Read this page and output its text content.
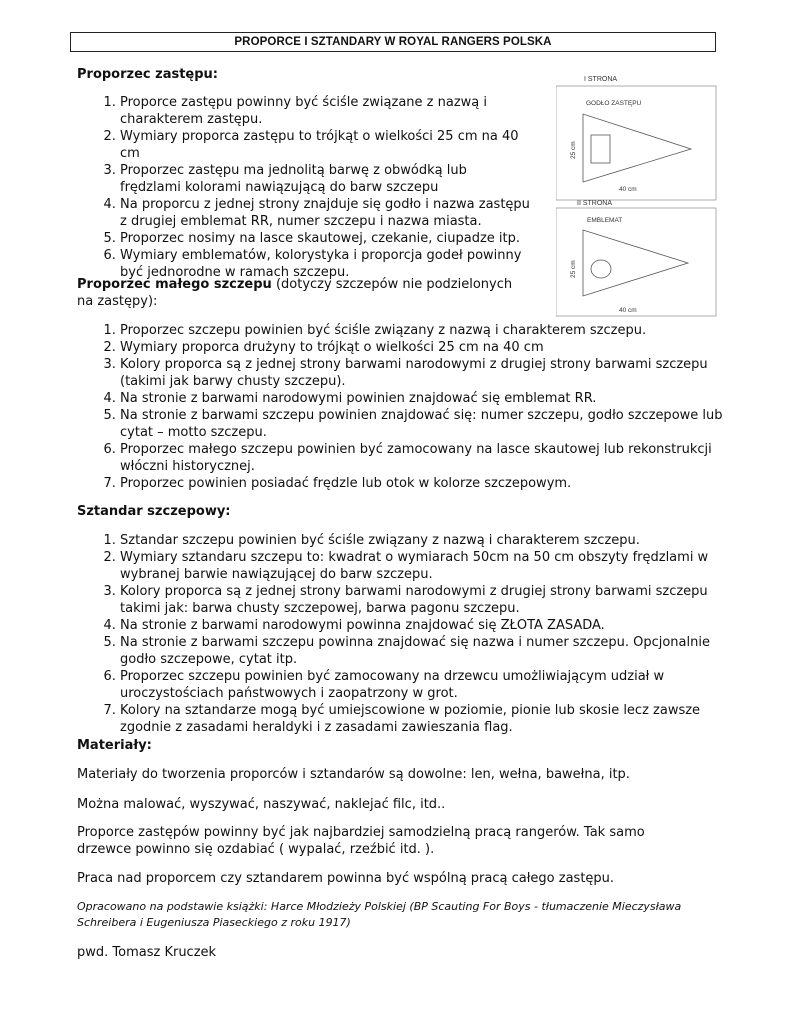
PROPORCE I SZTANDARY W ROYAL RANGERS POLSKA
I STRONA
GODŁO ZASTĘPU
25 cm
40 cm
II STRONA
EMBLEMAT
25 cm
40 cm
Proporzec zastępu:
1. Proporce zastępu powinny być ściśle związane z nazwą i charakterem zastępu.
2. Wymiary proporca zastępu to trójkąt o wielkości 25 cm na 40 cm
3. Proporzec zastępu ma jednolitą barwę z obwódką lub frędzlami kolorami nawiązującą do barw szczepu
4. Na proporcu z jednej strony znajduje się godło i nazwa zastępu z drugiej emblemat RR, numer szczepu i nazwa miasta.
5. Proporzec nosimy na lasce skautowej, czekanie, ciupadze itp.
6. Wymiary emblematów, kolorystyka i proporcja godeł powinny być jednorodne w ramach szczepu.
Proporzec małego szczepu (dotyczy szczepów nie podzielonych na zastępy):
1. Proporzec szczepu powinien być ściśle związany z nazwą i charakterem szczepu.
2. Wymiary proporca drużyny to trójkąt o wielkości 25 cm na 40 cm
3. Kolory proporca są z jednej strony barwami narodowymi z drugiej strony barwami szczepu (takimi jak barwy chusty szczepu).
4. Na stronie z barwami narodowymi powinien znajdować się emblemat RR.
5. Na stronie z barwami szczepu powinien znajdować się: numer szczepu, godło szczepowe lub cytat – motto szczepu.
6. Proporzec małego szczepu powinien być zamocowany na lasce skautowej lub rekonstrukcji włóczni historycznej.
7. Proporzec powinien posiadać frędzle lub otok w kolorze szczepowym.
Sztandar szczepowy:
1. Sztandar szczepu powinien być ściśle związany z nazwą i charakterem szczepu.
2. Wymiary sztandaru szczepu to: kwadrat o wymiarach 50cm na 50 cm obszyty frędzlami w wybranej barwie nawiązującej do barw szczepu.
3. Kolory proporca są z jednej strony barwami narodowymi z drugiej strony barwami szczepu takimi jak: barwa chusty szczepowej, barwa pagonu szczepu.
4. Na stronie z barwami narodowymi powinna znajdować się ZŁOTA ZASADA.
5. Na stronie z barwami szczepu powinna znajdować się nazwa i numer szczepu. Opcjonalnie godło szczepowe, cytat itp.
6. Proporzec szczepu powinien być zamocowany na drzewcu umożliwiającym udział w uroczystościach państwowych i zaopatrzony w grot.
7. Kolory na sztandarze mogą być umiejscowione w poziomie, pionie lub skosie lecz zawsze zgodnie z zasadami heraldyki i z zasadami zawieszania flag.
Materiały:
Materiały do tworzenia proporców i sztandarów są dowolne: len, wełna, bawełna, itp.
Można malować, wyszywać, naszywać, naklejać filc, itd..
Proporce zastępów powinny być jak najbardziej samodzielną pracą rangerów. Tak samo drzewce powinno się ozdabiać ( wypalać, rzeźbić itd. ).
Praca nad proporcem czy sztandarem powinna być wspólną pracą całego zastępu.
Opracowano na podstawie książki: Harce Młodzieży Polskiej (BP Scauting For Boys - tłumaczenie Mieczysława Schreibera i Eugeniusza Piaseckiego z roku 1917)
pwd. Tomasz Kruczek
